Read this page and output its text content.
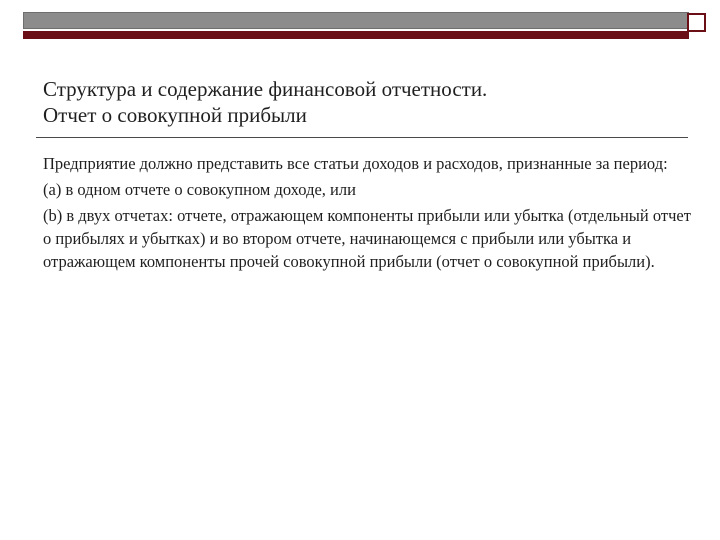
Структура и содержание финансовой отчетности.
Отчет о совокупной прибыли

Предприятие должно представить все статьи доходов и расходов, признанные за период:

(a) в одном отчете о совокупном доходе, или

(b) в двух отчетах: отчете, отражающем компоненты прибыли или убытка (отдельный отчет о прибылях и убытках) и во втором отчете, начинающемся с прибыли или убытка и отражающем компоненты прочей совокупной прибыли (отчет о совокупной прибыли).
